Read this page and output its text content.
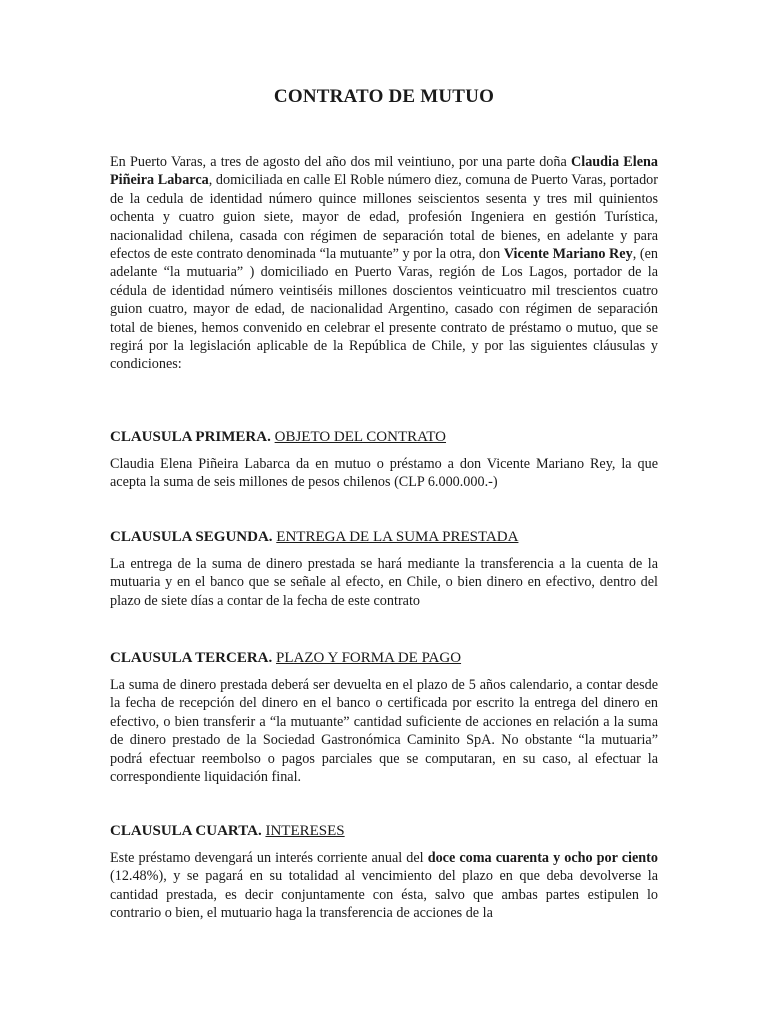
CONTRATO DE MUTUO

En Puerto Varas, a tres de agosto del año dos mil veintiuno, por una parte doña Claudia Elena Piñeira Labarca, domiciliada en calle El Roble número diez, comuna de Puerto Varas, portador de la cedula de identidad número quince millones seiscientos sesenta y tres mil quinientos ochenta y cuatro guion siete, mayor de edad, profesión Ingeniera en gestión Turística, nacionalidad chilena, casada con régimen de separación total de bienes, en adelante y para efectos de este contrato denominada “la mutuante” y por la otra, don Vicente Mariano Rey, (en adelante “la mutuaria” ) domiciliado en Puerto Varas, región de Los Lagos, portador de la cédula de identidad número veintiséis millones doscientos veinticuatro mil trescientos cuatro guion cuatro, mayor de edad, de nacionalidad Argentino, casado con régimen de separación total de bienes, hemos convenido en celebrar el presente contrato de préstamo o mutuo, que se regirá por la legislación aplicable de la República de Chile, y por las siguientes cláusulas y condiciones:

CLAUSULA PRIMERA. OBJETO DEL CONTRATO

Claudia Elena Piñeira Labarca da en mutuo o préstamo a don Vicente Mariano Rey, la que acepta la suma de seis millones de pesos chilenos (CLP 6.000.000.-)

CLAUSULA SEGUNDA. ENTREGA DE LA SUMA PRESTADA

La entrega de la suma de dinero prestada se hará mediante la transferencia a la cuenta de la mutuaria y en el banco que se señale al efecto, en Chile, o bien dinero en efectivo, dentro del plazo de siete días a contar de la fecha de este contrato

CLAUSULA TERCERA. PLAZO Y FORMA DE PAGO

La suma de dinero prestada deberá ser devuelta en el plazo de 5 años calendario, a contar desde la fecha de recepción del dinero en el banco o certificada por escrito la entrega del dinero en efectivo, o bien transferir a “la mutuante” cantidad suficiente de acciones en relación a la suma de dinero prestado de la Sociedad Gastronómica Caminito SpA. No obstante “la mutuaria” podrá efectuar reembolso o pagos parciales que se computaran, en su caso, al efectuar la correspondiente liquidación final.

CLAUSULA CUARTA. INTERESES

Este préstamo devengará un interés corriente anual del doce coma cuarenta y ocho por ciento (12.48%), y se pagará en su totalidad al vencimiento del plazo en que deba devolverse la cantidad prestada, es decir conjuntamente con ésta, salvo que ambas partes estipulen lo contrario o bien, el mutuario haga la transferencia de acciones de la
